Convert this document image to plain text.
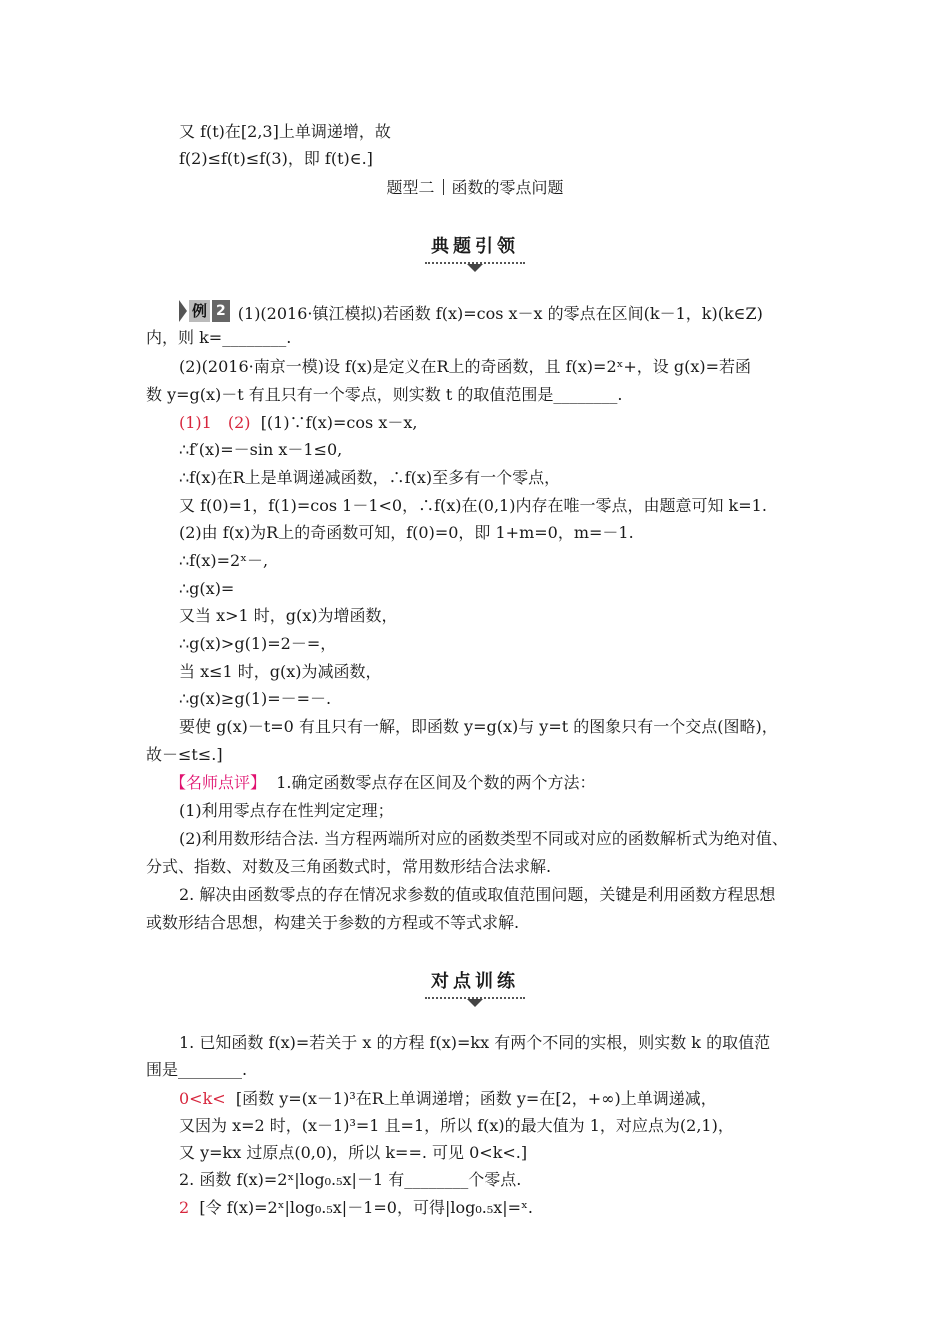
又 f(t)在[2,3]上单调递增，故
f(2)≤f(t)≤f(3)，即 f(t)∈.]
题型二 函数的零点问题
典题引领
例 2 (1)(2016·镇江模拟)若函数 f(x)=cos x－x 的零点在区间(k－1，k)(k∈Z)
内，则 k=________.
(2)(2016·南京一模)设 f(x)是定义在R上的奇函数，且 f(x)=2ˣ+，设 g(x)=若函
数 y=g(x)－t 有且只有一个零点，则实数 t 的取值范围是________.
(1)1　(2) [(1)∵f(x)=cos x－x,
∴f′(x)=－sin x－1≤0,
∴f(x)在R上是单调递减函数，∴f(x)至多有一个零点，
又 f(0)=1，f(1)=cos 1－1<0，∴f(x)在(0,1)内存在唯一零点，由题意可知 k=1.
(2)由 f(x)为R上的奇函数可知，f(0)=0，即 1+m=0，m=－1.
∴f(x)=2ˣ－,
∴g(x)=
又当 x>1 时，g(x)为增函数，
∴g(x)>g(1)=2－=，
当 x≤1 时，g(x)为减函数，
∴g(x)≥g(1)=－=－.
要使 g(x)－t=0 有且只有一解，即函数 y=g(x)与 y=t 的图象只有一个交点(图略)，
故－≤t≤.]
【名师点评】 1.确定函数零点存在区间及个数的两个方法：
(1)利用零点存在性判定定理；
(2)利用数形结合法. 当方程两端所对应的函数类型不同或对应的函数解析式为绝对值、
分式、指数、对数及三角函数式时，常用数形结合法求解.
2. 解决由函数零点的存在情况求参数的值或取值范围问题，关键是利用函数方程思想
或数形结合思想，构建关于参数的方程或不等式求解.
对点训练
1. 已知函数 f(x)=若关于 x 的方程 f(x)=kx 有两个不同的实根，则实数 k 的取值范
围是________.
0<k< [函数 y=(x－1)³在R上单调递增；函数 y=在[2，+∞)上单调递减，
又因为 x=2 时，(x－1)³=1 且=1，所以 f(x)的最大值为 1，对应点为(2,1)，
又 y=kx 过原点(0,0)，所以 k==. 可见 0<k<.]
2. 函数 f(x)=2ˣ|log₀.₅x|－1 有________个零点.
2 [令 f(x)=2ˣ|log₀.₅x|－1=0，可得|log₀.₅x|=ˣ.
